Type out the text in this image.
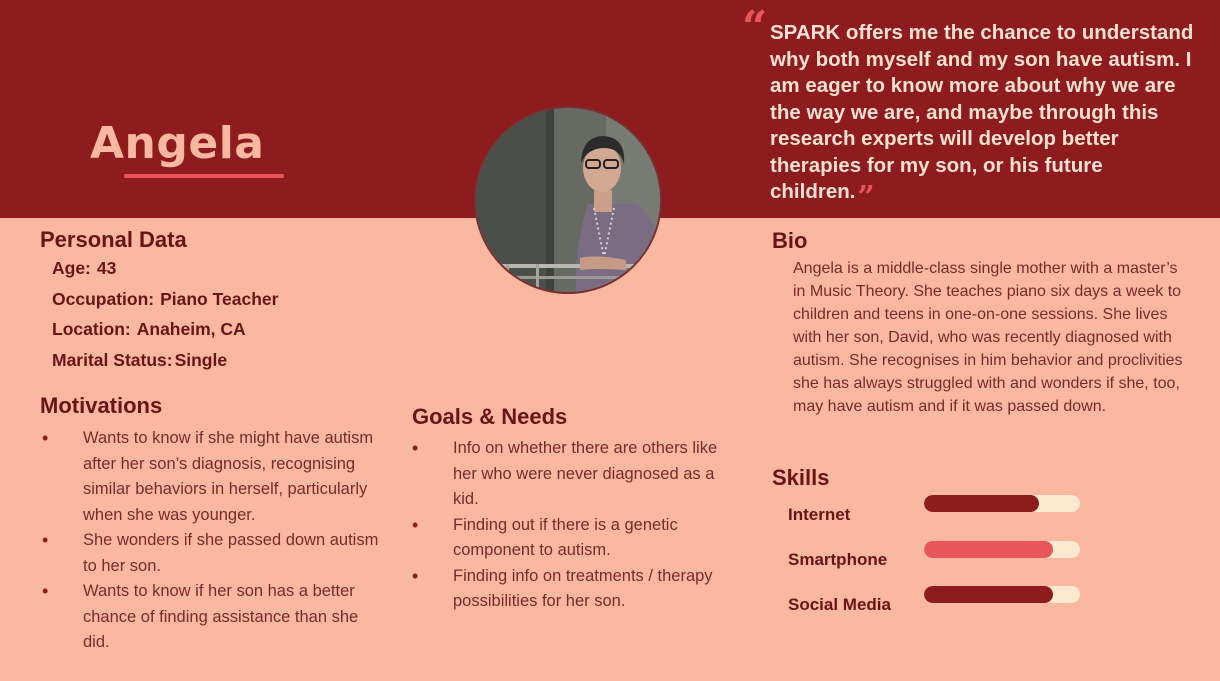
Angela
“ SPARK offers me the chance to understand why both myself and my son have autism. I am eager to know more about why we are the way we are, and maybe through this research experts will develop better therapies for my son, or his future children.”
Personal Data
Age: 43
Occupation: Piano Teacher
Location: Anaheim, CA
Marital Status: Single
Motivations
• Wants to know if she might have autism after her son’s diagnosis, recognising similar behaviors in herself, particularly when she was younger.
• She wonders if she passed down autism to her son.
• Wants to know if her son has a better chance of finding assistance than she did.
Goals & Needs
• Info on whether there are others like her who were never diagnosed as a kid.
• Finding out if there is a genetic component to autism.
• Finding info on treatments / therapy possibilities for her son.
Bio
Angela is a middle-class single mother with a master’s in Music Theory. She teaches piano six days a week to children and teens in one-on-one sessions. She lives with her son, David, who was recently diagnosed with autism. She recognises in him behavior and proclivities she has always struggled with and wonders if she, too, may have autism and if it was passed down.
Skills
Internet
Smartphone
Social Media
